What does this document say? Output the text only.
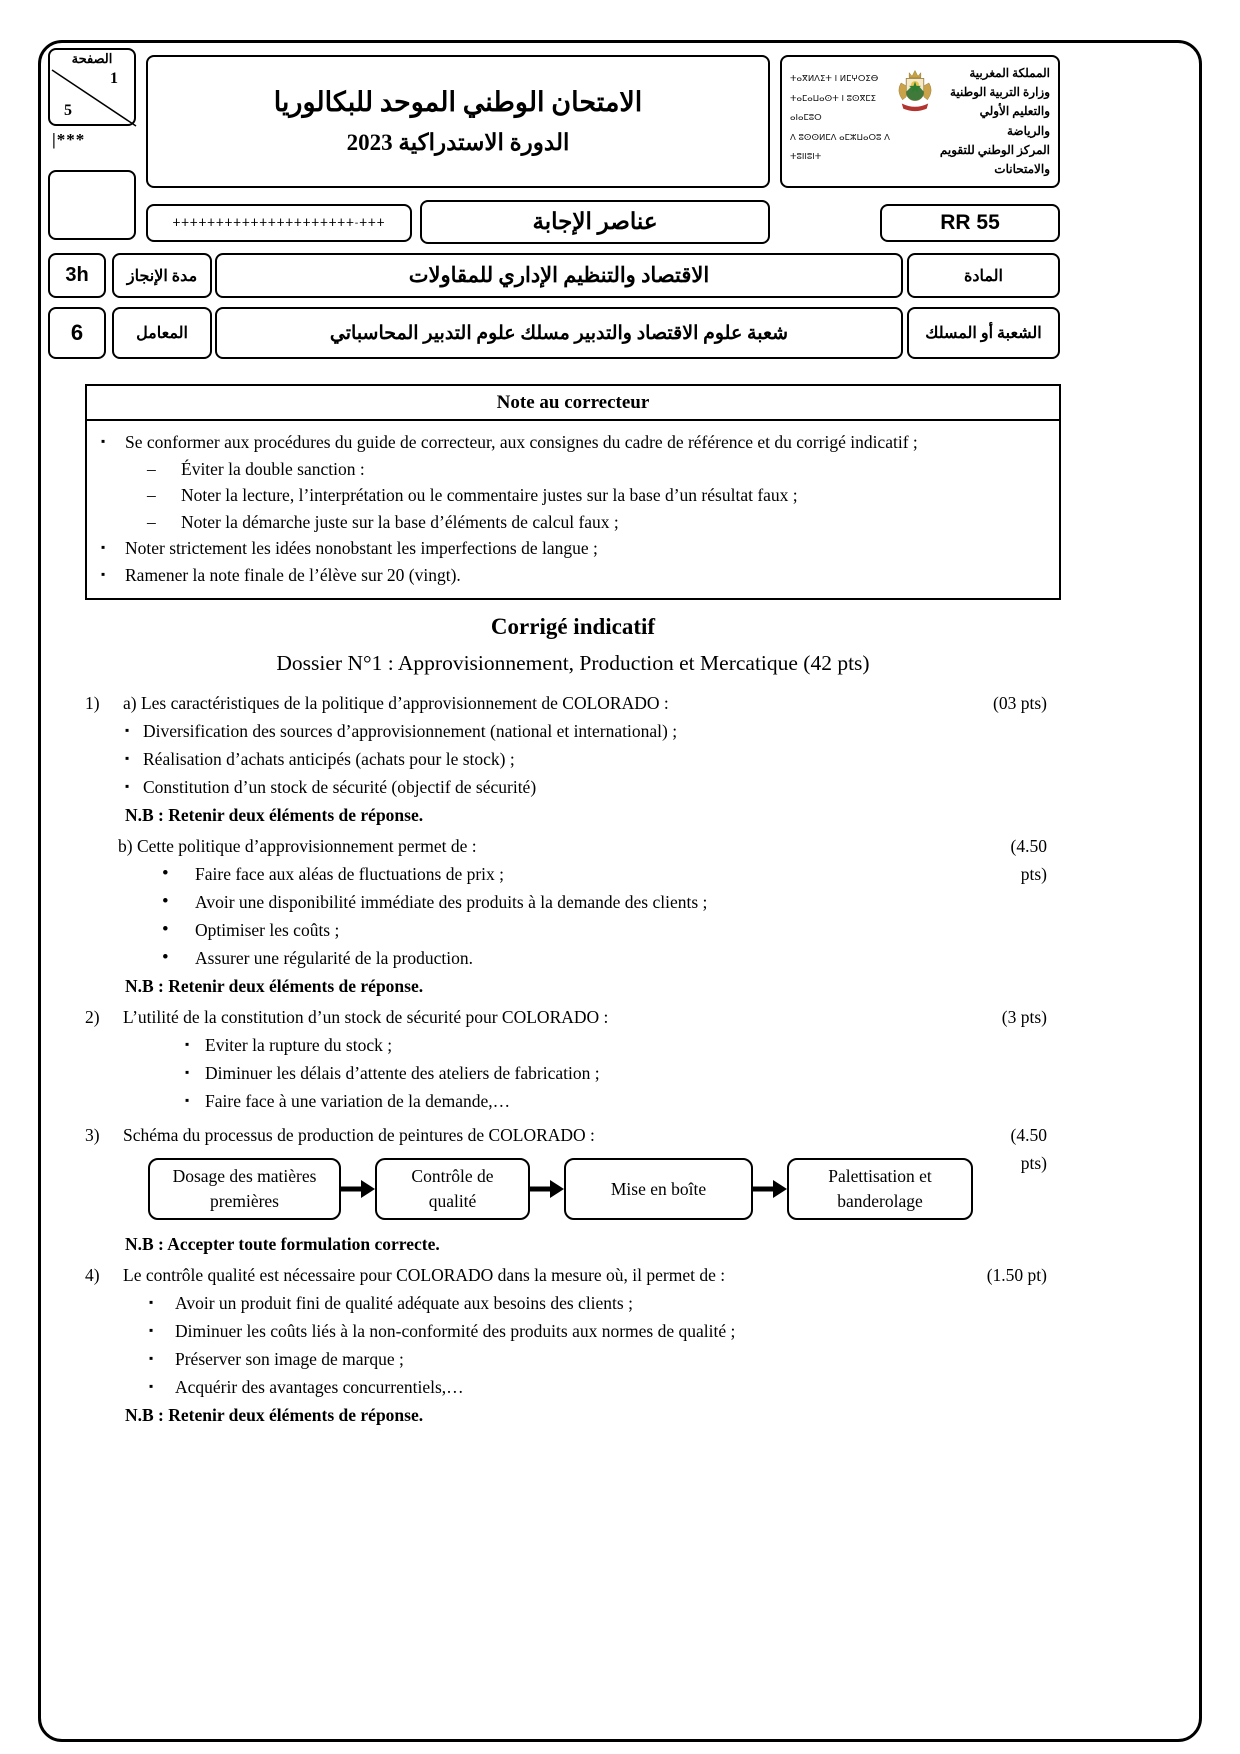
الصفحة
1
5
|***
الامتحان الوطني الموحد للبكالوريا
الدورة الاستدراكية 2023
ⵜⴰⴳⵍⴷⵉⵜ ⵏ ⵍⵎⵖⵔⵉⴱ
ⵜⴰⵎⴰⵡⴰⵙⵜ ⵏ ⵓⵙⴳⵎⵉ ⴰⵏⴰⵎⵓⵔ
ⴷ ⵓⵙⵙⵍⵎⴷ ⴰⵎⵣⵡⴰⵔⵓ ⴷ ⵜⵓⵏⵏⵓⵏⵜ
المملكة المغربية
وزارة التربية الوطنية
والتعليم الأولي والرياضة
المركز الوطني للتقويم والامتحانات
ⵜⵜⵜⵜⵜⵜⵜⵜⵜⵜⵜⵜⵜⵜⵜⵜⵜⵜⵜⵜⵜ-ⵜⵜⵜ	عناصر الإجابة	RR 55
3h مدة الإنجاز	الاقتصاد والتنظيم الإداري للمقاولات	المادة
6	المعامل	شعبة علوم الاقتصاد والتدبير مسلك علوم التدبير المحاسباتي	الشعبة أو المسلك
Note au correcteur
▪ Se conformer aux procédures du guide de correcteur, aux consignes du cadre de référence et du corrigé indicatif ;
– Éviter la double sanction :
– Noter la lecture, l’interprétation ou le commentaire justes sur la base d’un résultat faux ;
– Noter la démarche juste sur la base d’éléments de calcul faux ;
▪ Noter strictement les idées nonobstant les imperfections de langue ;
▪ Ramener la note finale de l’élève sur 20 (vingt).
Corrigé indicatif
Dossier N°1 : Approvisionnement, Production et Mercatique (42 pts)
1)	a) Les caractéristiques de la politique d’approvisionnement de COLORADO :	(03 pts)
▪ Diversification des sources d’approvisionnement (national et international) ;
▪ Réalisation d’achats anticipés (achats pour le stock) ;
▪ Constitution d’un stock de sécurité (objectif de sécurité)
N.B : Retenir deux éléments de réponse.
b) Cette politique d’approvisionnement permet de :	(4.50 pts)
• Faire face aux aléas de fluctuations de prix ;
• Avoir une disponibilité immédiate des produits à la demande des clients ;
• Optimiser les coûts ;
• Assurer une régularité de la production.
N.B : Retenir deux éléments de réponse.
2)	L’utilité de la constitution d’un stock de sécurité pour COLORADO :	(3 pts)
▪ Eviter la rupture du stock ;
▪ Diminuer les délais d’attente des ateliers de fabrication ;
▪ Faire face à une variation de la demande,…
3)	Schéma du processus de production de peintures de COLORADO :	(4.50 pts)
Dosage des matières premières
Contrôle de qualité
Mise en boîte
Palettisation et banderolage
N.B : Accepter toute formulation correcte.
4)	Le contrôle qualité est nécessaire pour COLORADO dans la mesure où, il permet de :	(1.50 pt)
▪ Avoir un produit fini de qualité adéquate aux besoins des clients ;
▪ Diminuer les coûts liés à la non-conformité des produits aux normes de qualité ;
▪ Préserver son image de marque ;
▪ Acquérir des avantages concurrentiels,…
N.B : Retenir deux éléments de réponse.
